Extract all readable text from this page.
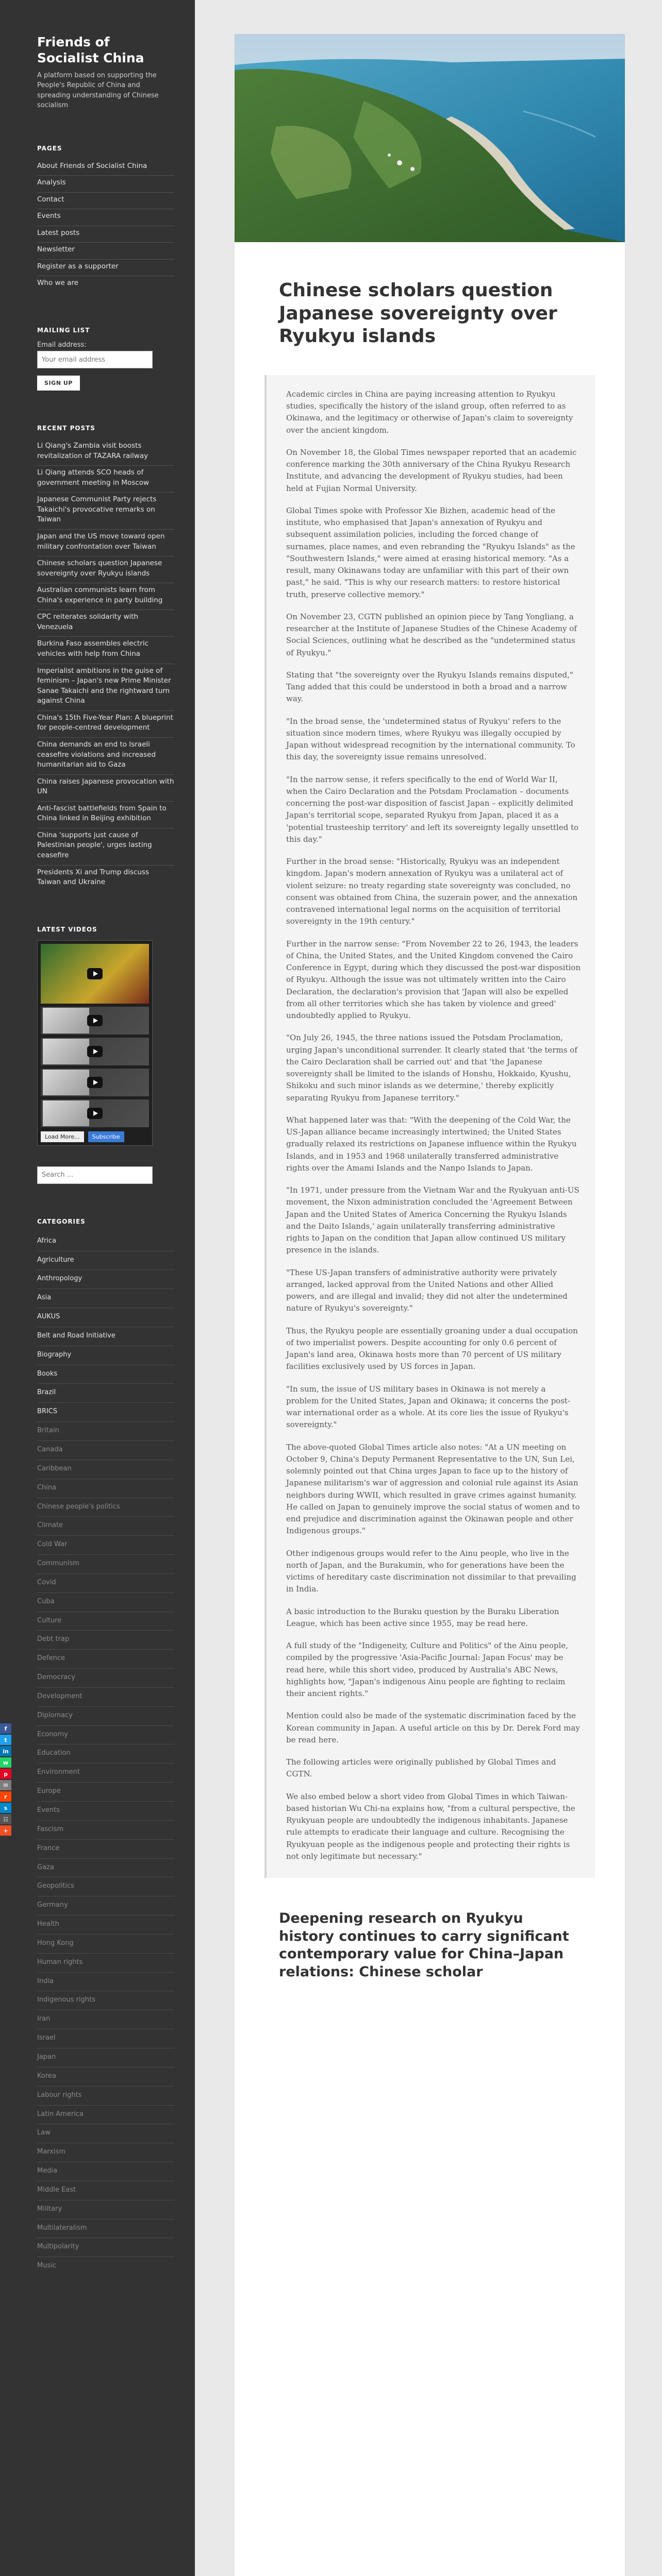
Friends of Socialist China

A platform based on supporting the People's Republic of China and spreading understanding of Chinese socialism

PAGES
About Friends of Socialist China
Analysis
Contact
Events
Latest posts
Newsletter
Register as a supporter
Who we are
MAILING LIST
Email address:
Your email address
SIGN UP
RECENT POSTS
Li Qiang's Zambia visit boosts revitalization of TAZARA railway
Li Qiang attends SCO heads of government meeting in Moscow
Japanese Communist Party rejects Takaichi's provocative remarks on Taiwan
Japan and the US move toward open military confrontation over Taiwan
Chinese scholars question Japanese sovereignty over Ryukyu islands
Australian communists learn from China's experience in party building
CPC reiterates solidarity with Venezuela
Burkina Faso assembles electric vehicles with help from China
Imperialist ambitions in the guise of feminism – Japan's new Prime Minister Sanae Takaichi and the rightward turn against China
China's 15th Five-Year Plan: A blueprint for people-centred development
China demands an end to Israeli ceasefire violations and increased humanitarian aid to Gaza
China raises Japanese provocation with UN
Anti-fascist battlefields from Spain to China linked in Beijing exhibition
China 'supports just cause of Palestinian people', urges lasting ceasefire
Presidents Xi and Trump discuss Taiwan and Ukraine
LATEST VIDEOS
Load More...	Subscribe
Search ...
CATEGORIES
Africa
Agriculture
Anthropology
Asia
AUKUS
Belt and Road Initiative
Biography
Books
Brazil
BRICS
Britain
Canada
Caribbean
China
Chinese people's politics
Climate
Cold War
Communism
Covid
Cuba
Culture
Debt trap
Defence
Democracy
Development
Diplomacy
Economy
Education
Environment
Europe
Events
Fascism
France
Gaza
Geopolitics
Germany
Health
Hong Kong
Human rights
India
Indigenous rights
Iran
Israel
Japan
Korea
Labour rights
Latin America
Law
Marxism
Media
Middle East
Military
Multilateralism
Multipolarity
Music
f
t
in
w
p
✉
r
s
☷
+
Chinese scholars question Japanese sovereignty over Ryukyu islands

Academic circles in China are paying increasing attention to Ryukyu studies, specifically the history of the island group, often referred to as Okinawa, and the legitimacy or otherwise of Japan's claim to sovereignty over the ancient kingdom.

On November 18, the Global Times newspaper reported that an academic conference marking the 30th anniversary of the China Ryukyu Research Institute, and advancing the development of Ryukyu studies, had been held at Fujian Normal University.

Global Times spoke with Professor Xie Bizhen, academic head of the institute, who emphasised that Japan's annexation of Ryukyu and subsequent assimilation policies, including the forced change of surnames, place names, and even rebranding the "Ryukyu Islands" as the "Southwestern Islands," were aimed at erasing historical memory. "As a result, many Okinawans today are unfamiliar with this part of their own past," he said. "This is why our research matters: to restore historical truth, preserve collective memory."

On November 23, CGTN published an opinion piece by Tang Yongliang, a researcher at the Institute of Japanese Studies of the Chinese Academy of Social Sciences, outlining what he described as the "undetermined status of Ryukyu."

Stating that "the sovereignty over the Ryukyu Islands remains disputed," Tang added that this could be understood in both a broad and a narrow way.

"In the broad sense, the 'undetermined status of Ryukyu' refers to the situation since modern times, where Ryukyu was illegally occupied by Japan without widespread recognition by the international community. To this day, the sovereignty issue remains unresolved.

"In the narrow sense, it refers specifically to the end of World War II, when the Cairo Declaration and the Potsdam Proclamation – documents concerning the post-war disposition of fascist Japan – explicitly delimited Japan's territorial scope, separated Ryukyu from Japan, placed it as a 'potential trusteeship territory' and left its sovereignty legally unsettled to this day."

Further in the broad sense: "Historically, Ryukyu was an independent kingdom. Japan's modern annexation of Ryukyu was a unilateral act of violent seizure: no treaty regarding state sovereignty was concluded, no consent was obtained from China, the suzerain power, and the annexation contravened international legal norms on the acquisition of territorial sovereignty in the 19th century."

Further in the narrow sense: "From November 22 to 26, 1943, the leaders of China, the United States, and the United Kingdom convened the Cairo Conference in Egypt, during which they discussed the post-war disposition of Ryukyu. Although the issue was not ultimately written into the Cairo Declaration, the declaration's provision that 'Japan will also be expelled from all other territories which she has taken by violence and greed' undoubtedly applied to Ryukyu.

"On July 26, 1945, the three nations issued the Potsdam Proclamation, urging Japan's unconditional surrender. It clearly stated that 'the terms of the Cairo Declaration shall be carried out' and that 'the Japanese sovereignty shall be limited to the islands of Honshu, Hokkaido, Kyushu, Shikoku and such minor islands as we determine,' thereby explicitly separating Ryukyu from Japanese territory."

What happened later was that: "With the deepening of the Cold War, the US-Japan alliance became increasingly intertwined; the United States gradually relaxed its restrictions on Japanese influence within the Ryukyu Islands, and in 1953 and 1968 unilaterally transferred administrative rights over the Amami Islands and the Nanpo Islands to Japan.

"In 1971, under pressure from the Vietnam War and the Ryukyuan anti-US movement, the Nixon administration concluded the 'Agreement Between Japan and the United States of America Concerning the Ryukyu Islands and the Daito Islands,' again unilaterally transferring administrative rights to Japan on the condition that Japan allow continued US military presence in the islands.

"These US-Japan transfers of administrative authority were privately arranged, lacked approval from the United Nations and other Allied powers, and are illegal and invalid; they did not alter the undetermined nature of Ryukyu's sovereignty."

Thus, the Ryukyu people are essentially groaning under a dual occupation of two imperialist powers. Despite accounting for only 0.6 percent of Japan's land area, Okinawa hosts more than 70 percent of US military facilities exclusively used by US forces in Japan.

"In sum, the issue of US military bases in Okinawa is not merely a problem for the United States, Japan and Okinawa; it concerns the post-war international order as a whole. At its core lies the issue of Ryukyu's sovereignty."

The above-quoted Global Times article also notes: "At a UN meeting on October 9, China's Deputy Permanent Representative to the UN, Sun Lei, solemnly pointed out that China urges Japan to face up to the history of Japanese militarism's war of aggression and colonial rule against its Asian neighbors during WWII, which resulted in grave crimes against humanity. He called on Japan to genuinely improve the social status of women and to end prejudice and discrimination against the Okinawan people and other Indigenous groups."

Other indigenous groups would refer to the Ainu people, who live in the north of Japan, and the Burakumin, who for generations have been the victims of hereditary caste discrimination not dissimilar to that prevailing in India.

A basic introduction to the Buraku question by the Buraku Liberation League, which has been active since 1955, may be read here.

A full study of the "Indigeneity, Culture and Politics" of the Ainu people, compiled by the progressive 'Asia-Pacific Journal: Japan Focus' may be read here, while this short video, produced by Australia's ABC News, highlights how, "Japan's indigenous Ainu people are fighting to reclaim their ancient rights."

Mention could also be made of the systematic discrimination faced by the Korean community in Japan. A useful article on this by Dr. Derek Ford may be read here.

The following articles were originally published by Global Times and CGTN.

We also embed below a short video from Global Times in which Taiwan-based historian Wu Chi-na explains how, "from a cultural perspective, the Ryukyuan people are undoubtedly the indigenous inhabitants. Japanese rule attempts to eradicate their language and culture. Recognising the Ryukyuan people as the indigenous people and protecting their rights is not only legitimate but necessary."

Deepening research on Ryukyu history continues to carry significant contemporary value for China–Japan relations: Chinese scholar
